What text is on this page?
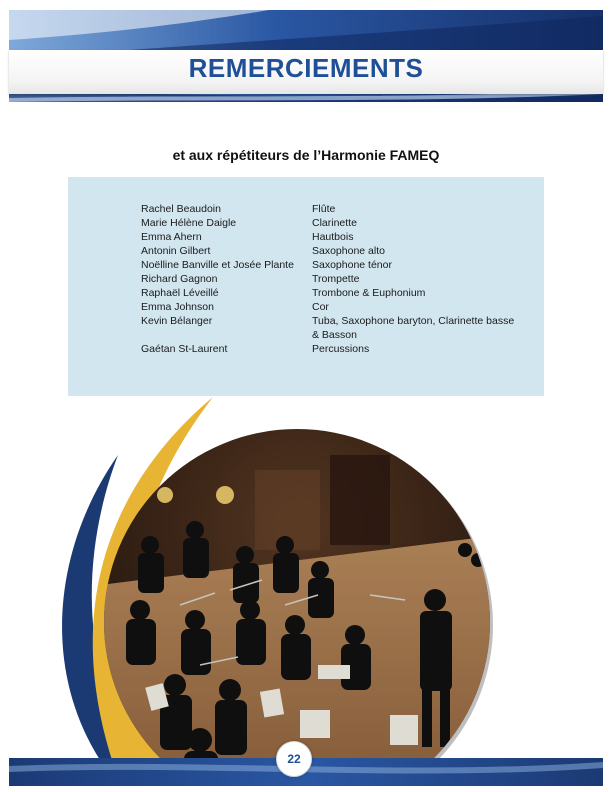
REMERCIEMENTS
et aux répétiteurs de l’Harmonie FAMEQ
Rachel Beaudoin	Flûte
Marie Hélène Daigle	Clarinette
Emma Ahern	Hautbois
Antonin Gilbert	Saxophone alto
Noëlline Banville et Josée Plante	Saxophone ténor
Richard Gagnon	Trompette
Raphaël Léveillé	Trombone & Euphonium
Emma Johnson	Cor
Kevin Bélanger	Tuba, Saxophone baryton, Clarinette basse
& Basson
Gaétan St-Laurent	Percussions
22
